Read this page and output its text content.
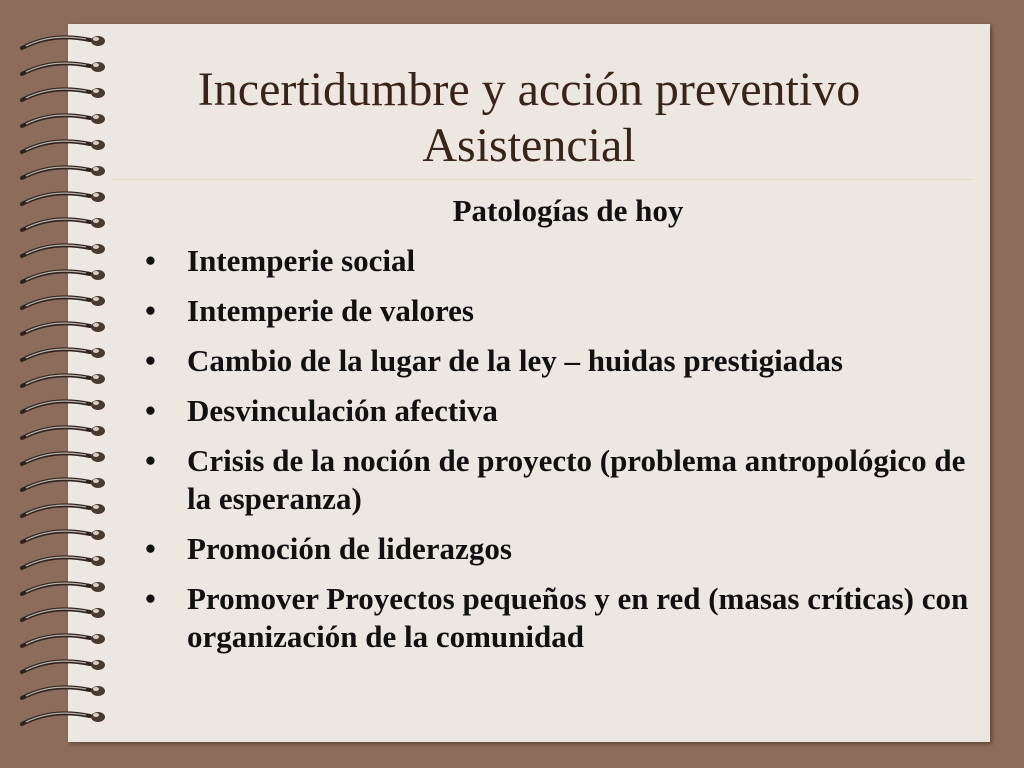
Incertidumbre y acción preventivo
Asistencial
Patologías de hoy
• Intemperie social
• Intemperie de valores
• Cambio de la lugar de la ley – huidas prestigiadas
• Desvinculación afectiva
• Crisis de la noción de proyecto (problema antropológico de la esperanza)
• Promoción de liderazgos
• Promover Proyectos pequeños y en red (masas críticas) con organización de la comunidad
